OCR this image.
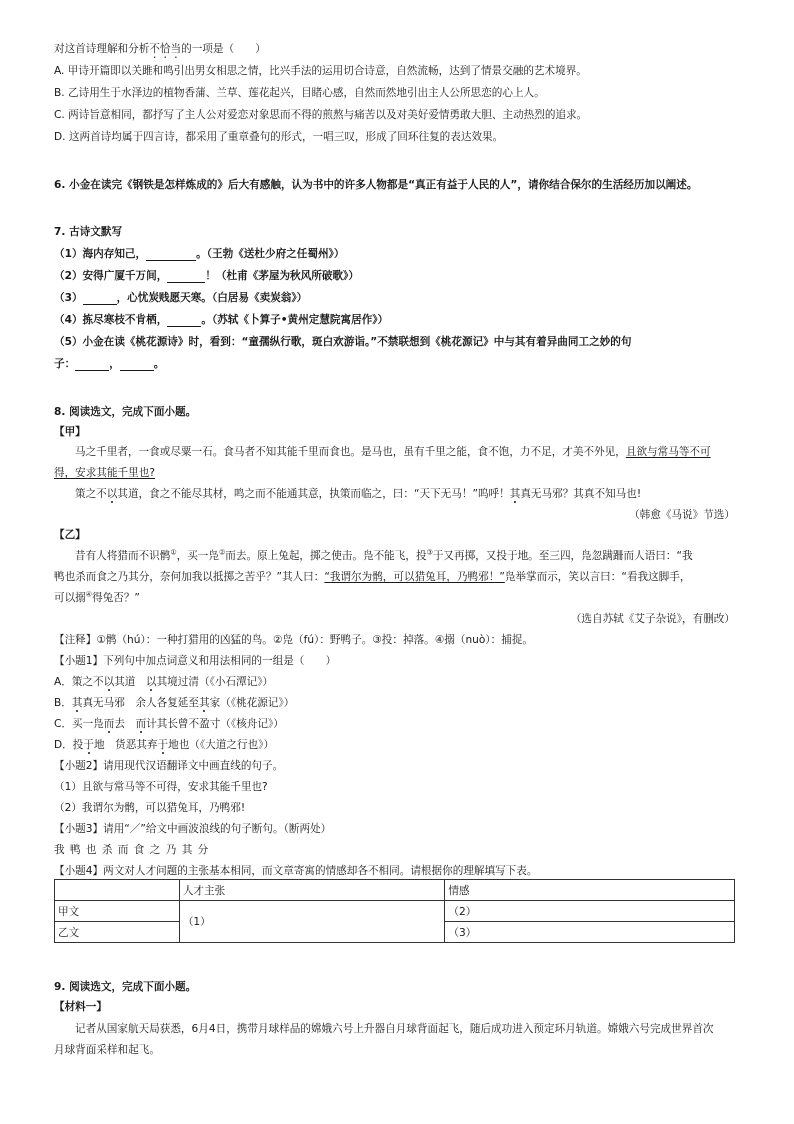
对这首诗理解和分析不恰当的一项是（　　）
A. 甲诗开篇即以关雎和鸣引出男女相思之情，比兴手法的运用切合诗意，自然流畅，达到了情景交融的艺术境界。
B. 乙诗用生于水泽边的植物香蒲、兰草、莲花起兴，目睹心感，自然而然地引出主人公所思恋的心上人。
C. 两诗旨意相同，都抒写了主人公对爱恋对象思而不得的煎熬与痛苦以及对美好爱情勇敢大胆、主动热烈的追求。
D. 这两首诗均属于四言诗，都采用了重章叠句的形式，一唱三叹，形成了回环往复的表达效果。
6. 小金在读完《钢铁是怎样炼成的》后大有感触，认为书中的许多人物都是“真正有益于人民的人”，请你结合保尔的生活经历加以阐述。
7. 古诗文默写
（1）海内存知己，	。（王勃《送杜少府之任蜀州》）
（2）安得广厦千万间，	！（杜甫《茅屋为秋风所破歌》）
（3）	，心忧炭贱愿天寒。（白居易《卖炭翁》）
（4）拣尽寒枝不肯栖，	。（苏轼《卜算子•黄州定慧院寓居作》）
（5）小金在读《桃花源诗》时，看到：“童孺纵行歌，斑白欢游诣。”不禁联想到《桃花源记》中与其有着异曲同工之妙的句
子：	，	。
8. 阅读选文，完成下面小题。
【甲】
马之千里者，一食或尽粟一石。食马者不知其能千里而食也。是马也，虽有千里之能，食不饱，力不足，才美不外见，且欲与常马等不可
得，安求其能千里也?
策之不以其道，食之不能尽其材，鸣之而不能通其意，执策而临之，曰：“天下无马！”呜呼！其真无马邪？其真不知马也!
（韩愈《马说》节选）
【乙】
昔有人将猎而不识鹘①，买一凫②而去。原上兔起，掷之使击。凫不能飞，投③于又再掷，又投于地。至三四，凫忽蹒跚而人语曰：“我
鸭也杀而食之乃其分，奈何加我以抵掷之苦乎？”其人曰：“我谓尔为鹘，可以猎兔耳，乃鸭邪！”凫举掌而示，笑以言曰：“看我这脚手，
可以搦④得兔否？”
（选自苏轼《艾子杂说》，有删改）
【注释】①鹘（hú）：一种打猎用的凶猛的鸟。②凫（fú）：野鸭子。③投：掉落。④搦（nuò）：捕捉。
【小题1】下列句中加点词意义和用法相同的一组是（　　）
A．策之不以其道　以其境过清（《小石潭记》）
B．其真无马邪　余人各复延至其家（《桃花源记》）
C．买一凫而去　而计其长曾不盈寸（《核舟记》）
D．投于地　货恶其弃于地也（《大道之行也》）
【小题2】请用现代汉语翻译文中画直线的句子。
（1）且欲与常马等不可得，安求其能千里也?
（2）我谓尔为鹘，可以猎兔耳，乃鸭邪!
【小题3】请用“／”给文中画波浪线的句子断句。（断两处）
我 鸭 也 杀 而 食 之 乃 其 分
【小题4】两文对人才问题的主张基本相同，而文章寄寓的情感却各不相同。请根据你的理解填写下表。
	人才主张	情感
甲文	（1）	（2）
乙文		（3）
9. 阅读选文，完成下面小题。
【材料一】
记者从国家航天局获悉，6月4日，携带月球样品的嫦娥六号上升器自月球背面起飞，随后成功进入预定环月轨道。嫦娥六号完成世界首次
月球背面采样和起飞。
